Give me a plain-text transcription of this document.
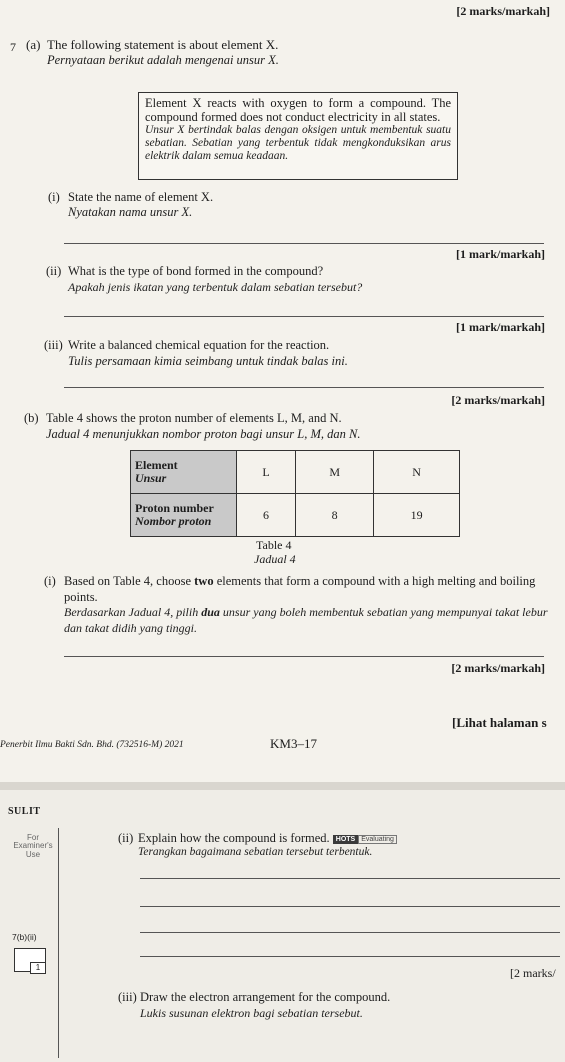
[2 marks/markah]
7 (a) The following statement is about element X.
Pernyataan berikut adalah mengenai unsur X.
Element X reacts with oxygen to form a compound. The compound formed does not conduct electricity in all states.
Unsur X bertindak balas dengan oksigen untuk membentuk suatu sebatian. Sebatian yang terbentuk tidak mengkonduksikan arus elektrik dalam semua keadaan.
(i) State the name of element X.
Nyatakan nama unsur X.
[1 mark/markah]
(ii) What is the type of bond formed in the compound?
Apakah jenis ikatan yang terbentuk dalam sebatian tersebut?
[1 mark/markah]
(iii) Write a balanced chemical equation for the reaction.
Tulis persamaan kimia seimbang untuk tindak balas ini.
[2 marks/markah]
(b) Table 4 shows the proton number of elements L, M, and N.
Jadual 4 menunjukkan nombor proton bagi unsur L, M, dan N.
Element
Unsur	L	M	N

Proton number
Nombor proton	6	8	19
Table 4
Jadual 4
(i) Based on Table 4, choose two elements that form a compound with a high melting and boiling points.
Berdasarkan Jadual 4, pilih dua unsur yang boleh membentuk sebatian yang mempunyai takat lebur dan takat didih yang tinggi.
[2 marks/markah]
[Lihat halaman s
Penerbit Ilmu Bakti Sdn. Bhd. (732516-M) 2021	KM3–17
SULIT
For Examiner's Use
(ii) Explain how the compound is formed. HOTS Evaluating
Terangkan bagaimana sebatian tersebut terbentuk.
7(b)(ii)
1	[2 marks/
(iii) Draw the electron arrangement for the compound.
Lukis susunan elektron bagi sebatian tersebut.
